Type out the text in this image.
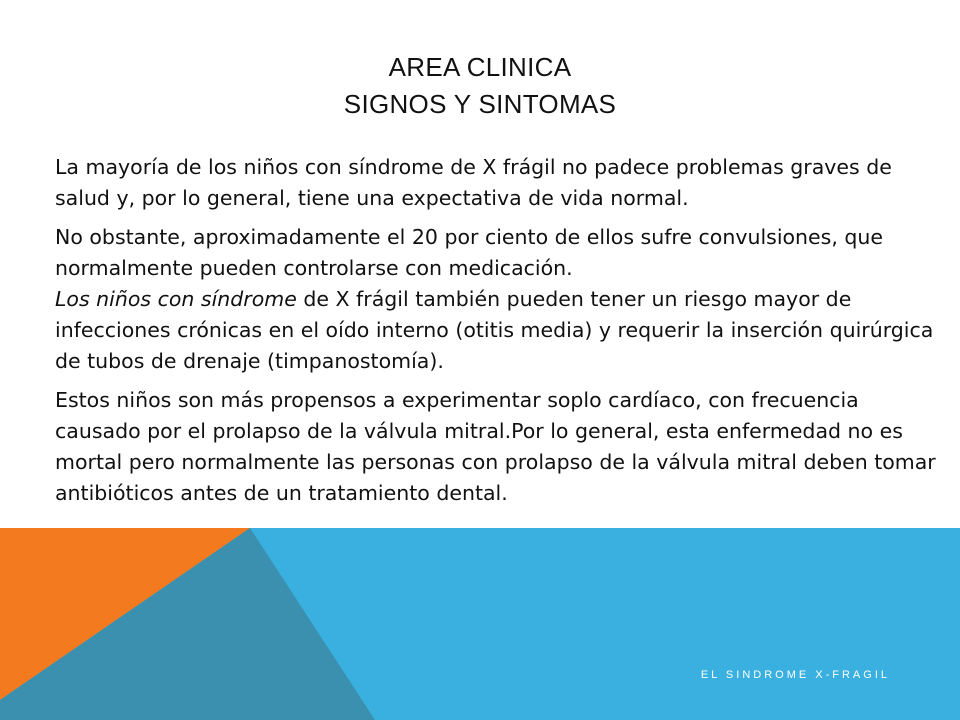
AREA CLINICA
SIGNOS Y SINTOMAS

La mayoría de los niños con síndrome de X frágil no padece problemas graves de salud y, por lo general, tiene una expectativa de vida normal.

No obstante, aproximadamente el 20 por ciento de ellos sufre convulsiones, que normalmente pueden controlarse con medicación.
Los niños con síndrome de X frágil también pueden tener un riesgo mayor de infecciones crónicas en el oído interno (otitis media) y requerir la inserción quirúrgica de tubos de drenaje (timpanostomía).

Estos niños son más propensos a experimentar soplo cardíaco, con frecuencia causado por el prolapso de la válvula mitral.Por lo general, esta enfermedad no es mortal pero normalmente las personas con prolapso de la válvula mitral deben tomar antibióticos antes de un tratamiento dental.

EL SINDROME X-FRAGIL
